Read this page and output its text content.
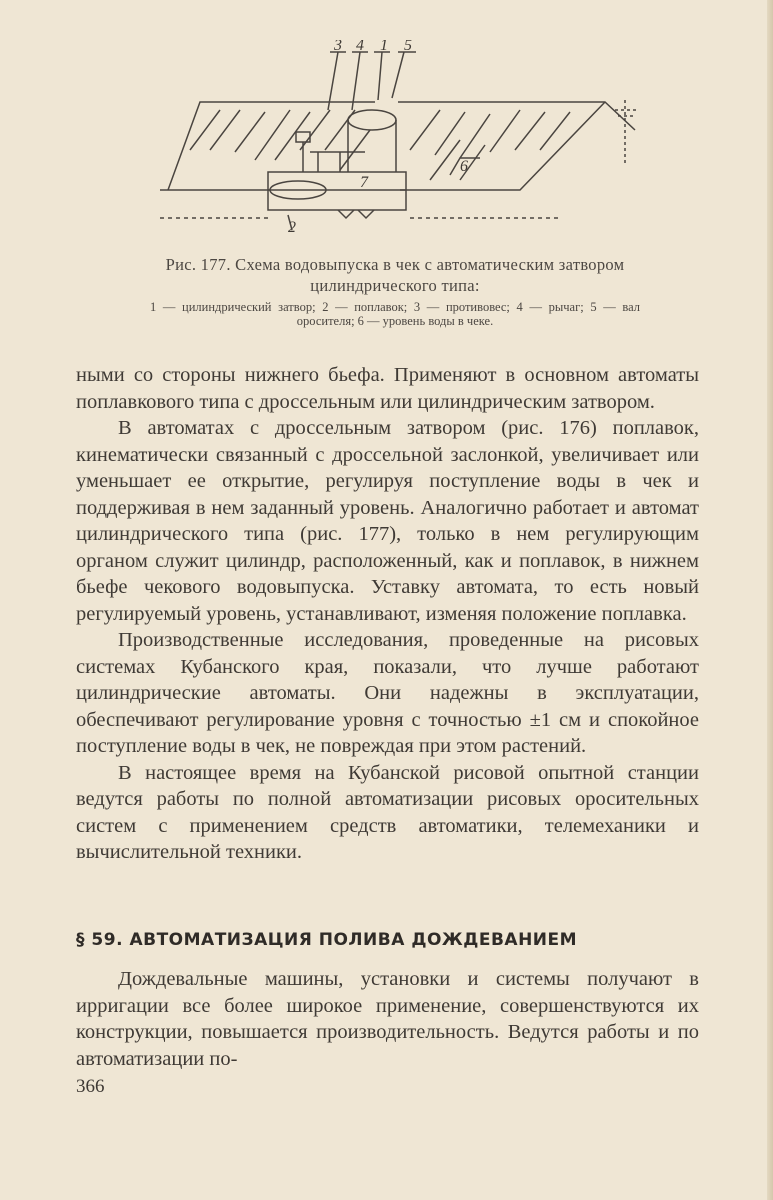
3 4 1 5
6
7
2
Рис. 177. Схема водовыпуска в чек с автоматическим затвором цилиндрического типа:
1 — цилиндрический затвор; 2 — поплавок; 3 — противовес; 4 — рычаг; 5 — вал оросителя; 6 — уровень воды в чеке.

ными со стороны нижнего бьефа. Применяют в основном автоматы поплавкового типа с дроссельным или цилиндрическим затвором.

В автоматах с дроссельным затвором (рис. 176) поплавок, кинематически связанный с дроссельной заслонкой, увеличивает или уменьшает ее открытие, регулируя поступление воды в чек и поддерживая в нем заданный уровень. Аналогично работает и автомат цилиндрического типа (рис. 177), только в нем регулирующим органом служит цилиндр, расположенный, как и поплавок, в нижнем бьефе чекового водовыпуска. Уставку автомата, то есть новый регулируемый уровень, устанавливают, изменяя положение поплавка.

Производственные исследования, проведенные на рисовых системах Кубанского края, показали, что лучше работают цилиндрические автоматы. Они надежны в эксплуатации, обеспечивают регулирование уровня с точностью ±1 см и спокойное поступление воды в чек, не повреждая при этом растений.

В настоящее время на Кубанской рисовой опытной станции ведутся работы по полной автоматизации рисовых оросительных систем с применением средств автоматики, телемеханики и вычислительной техники.

§ 59. АВТОМАТИЗАЦИЯ ПОЛИВА ДОЖДЕВАНИЕМ

Дождевальные машины, установки и системы получают в ирригации все более широкое применение, совершенствуются их конструкции, повышается производительность. Ведутся работы и по автоматизации по-

366
